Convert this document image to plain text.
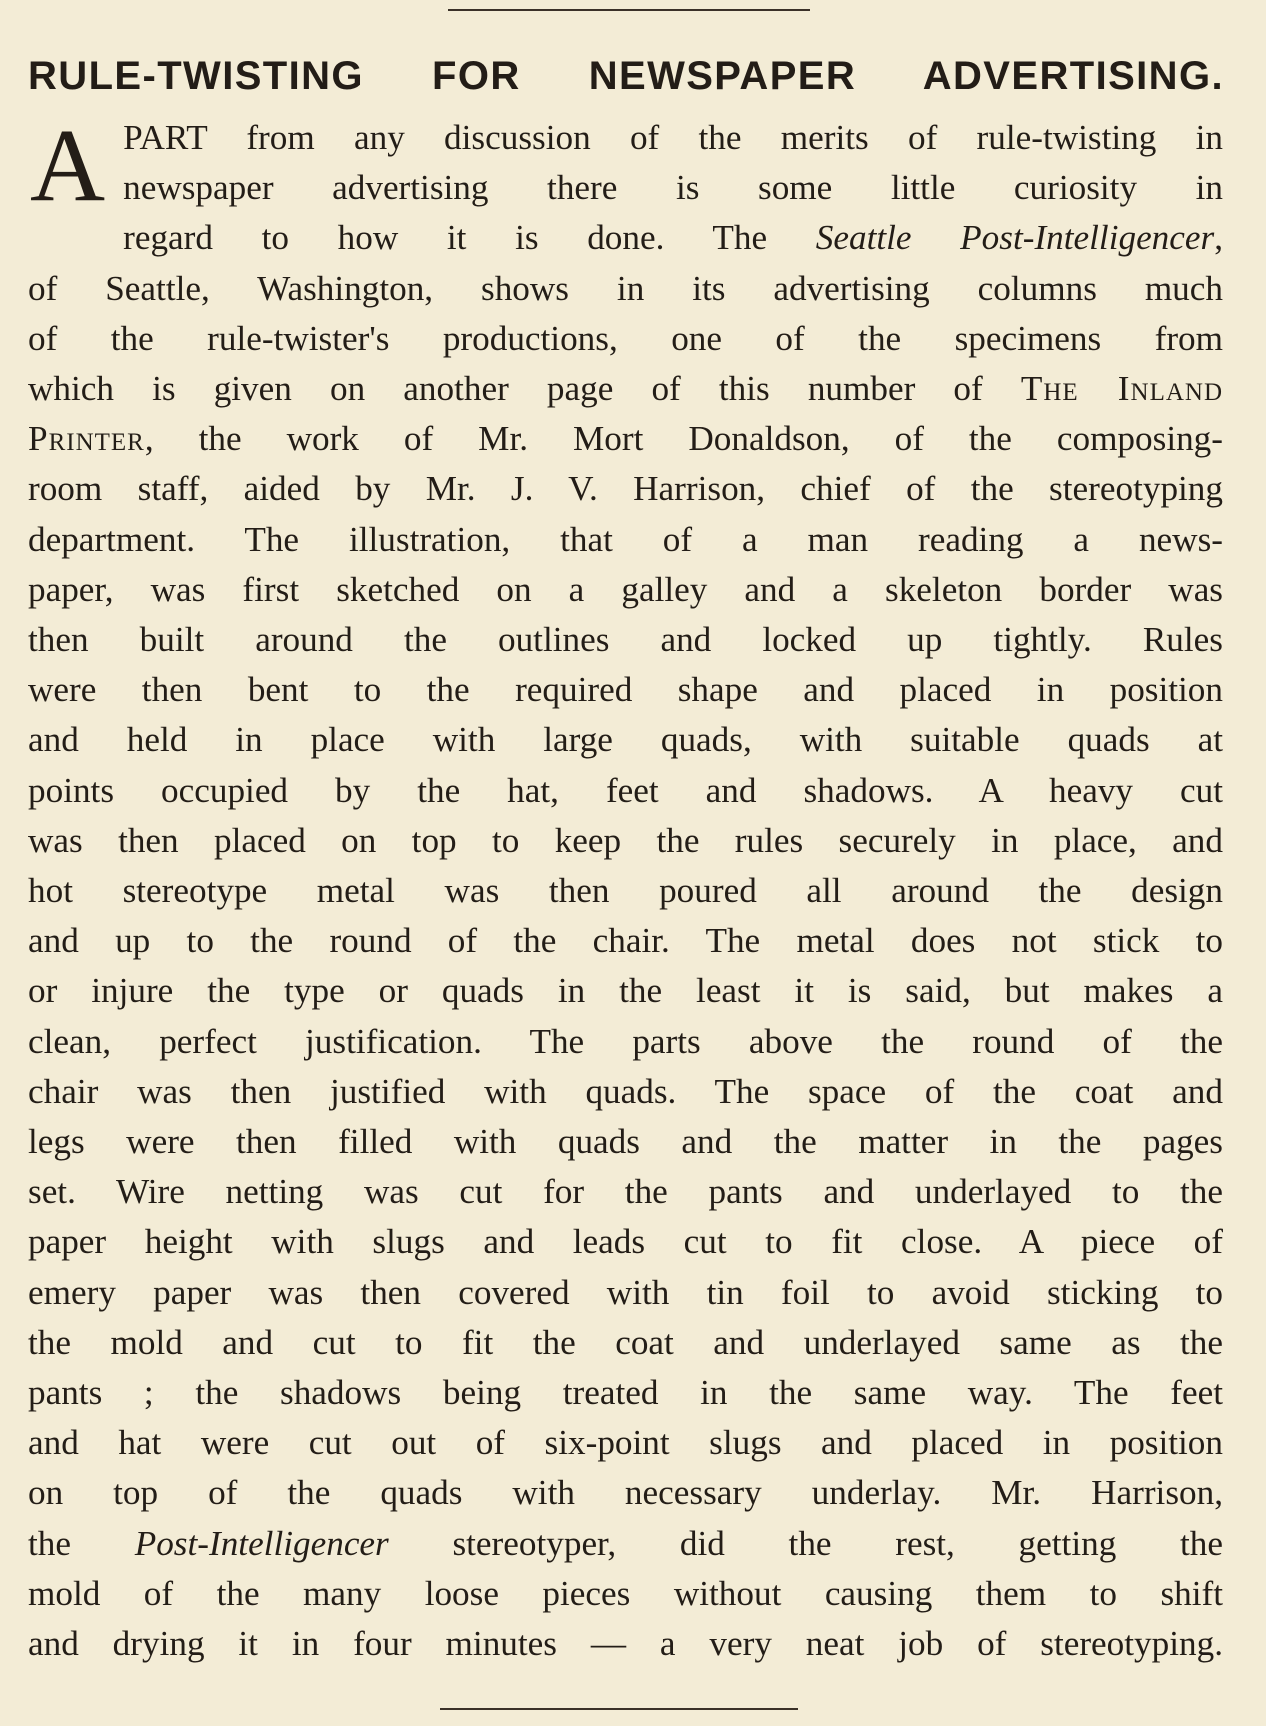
RULE-TWISTING FOR NEWSPAPER ADVERTISING.
A PART from any discussion of the merits of rule-twisting in
newspaper advertising there is some little curiosity in
regard to how it is done. The Seattle Post-Intelligencer,
of Seattle, Washington, shows in its advertising columns much
of the rule-twister's productions, one of the specimens from
which is given on another page of this number of The Inland
Printer, the work of Mr. Mort Donaldson, of the composing-
room staff, aided by Mr. J. V. Harrison, chief of the stereotyping
department. The illustration, that of a man reading a news-
paper, was first sketched on a galley and a skeleton border was
then built around the outlines and locked up tightly. Rules
were then bent to the required shape and placed in position
and held in place with large quads, with suitable quads at
points occupied by the hat, feet and shadows. A heavy cut
was then placed on top to keep the rules securely in place, and
hot stereotype metal was then poured all around the design
and up to the round of the chair. The metal does not stick to
or injure the type or quads in the least it is said, but makes a
clean, perfect justification. The parts above the round of the
chair was then justified with quads. The space of the coat and
legs were then filled with quads and the matter in the pages
set. Wire netting was cut for the pants and underlayed to the
paper height with slugs and leads cut to fit close. A piece of
emery paper was then covered with tin foil to avoid sticking to
the mold and cut to fit the coat and underlayed same as the
pants ; the shadows being treated in the same way. The feet
and hat were cut out of six-point slugs and placed in position
on top of the quads with necessary underlay. Mr. Harrison,
the Post-Intelligencer stereotyper, did the rest, getting the
mold of the many loose pieces without causing them to shift
and drying it in four minutes — a very neat job of stereotyping.
